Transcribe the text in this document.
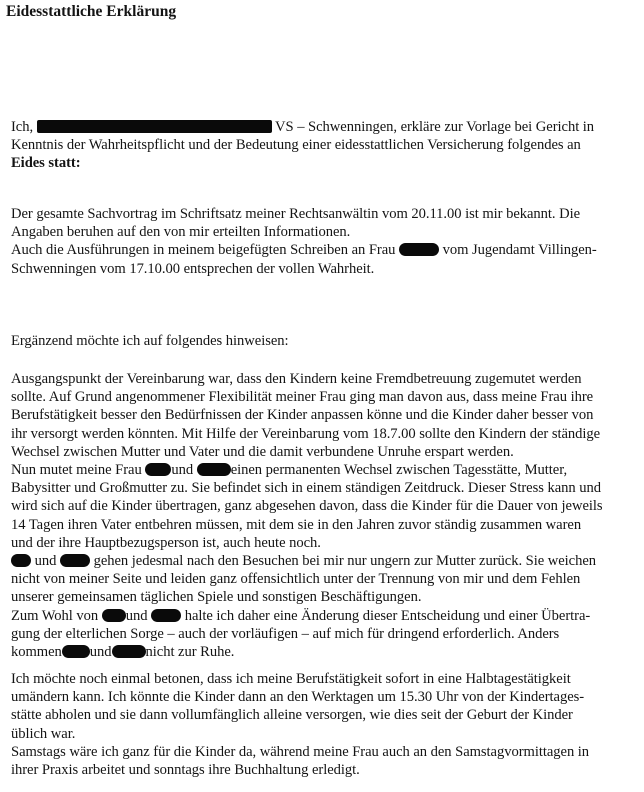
Eidesstattliche Erklärung
Ich,	VS – Schwenningen, erkläre zur Vorlage bei Gericht in
Kenntnis der Wahrheitspflicht und der Bedeutung einer eidesstattlichen Versicherung folgendes an
Eides statt:
Der gesamte Sachvortrag im Schriftsatz meiner Rechtsanwältin vom 20.11.00 ist mir bekannt. Die
Angaben beruhen auf den von mir erteilten Informationen.
Auch die Ausführungen in meinem beigefügten Schreiben an Frau	vom Jugendamt Villingen-
Schwenningen vom 17.10.00 entsprechen der vollen Wahrheit.
Ergänzend möchte ich auf folgendes hinweisen:
Ausgangspunkt der Vereinbarung war, dass den Kindern keine Fremdbetreuung zugemutet werden
sollte. Auf Grund angenommener Flexibilität meiner Frau ging man davon aus, dass meine Frau ihre
Berufstätigkeit besser den Bedürfnissen der Kinder anpassen könne und die Kinder daher besser von
ihr versorgt werden könnten. Mit Hilfe der Vereinbarung vom 18.7.00 sollte den Kindern der ständige
Wechsel zwischen Mutter und Vater und die damit verbundene Unruhe erspart werden.
Nun mutet meine Frau und	einen permanenten Wechsel zwischen Tagesstätte, Mutter,
Babysitter und Großmutter zu. Sie befindet sich in einem ständigen Zeitdruck. Dieser Stress kann und
wird sich auf die Kinder übertragen, ganz abgesehen davon, dass die Kinder für die Dauer von jeweils
14 Tagen ihren Vater entbehren müssen, mit dem sie in den Jahren zuvor ständig zusammen waren
und der ihre Hauptbezugsperson ist, auch heute noch.
und	gehen jedesmal nach den Besuchen bei mir nur ungern zur Mutter zurück. Sie weichen
nicht von meiner Seite und leiden ganz offensichtlich unter der Trennung von mir und dem Fehlen
unserer gemeinsamen täglichen Spiele und sonstigen Beschäftigungen.
Zum Wohl von und	halte ich daher eine Änderung dieser Entscheidung und einer Übertra-
gung der elterlichen Sorge – auch der vorläufigen – auf mich für dringend erforderlich. Anders
kommen und nicht zur Ruhe.
Ich möchte noch einmal betonen, dass ich meine Berufstätigkeit sofort in eine Halbtagestätigkeit
umändern kann. Ich könnte die Kinder dann an den Werktagen um 15.30 Uhr von der Kindertages-
stätte abholen und sie dann vollumfänglich alleine versorgen, wie dies seit der Geburt der Kinder
üblich war.
Samstags wäre ich ganz für die Kinder da, während meine Frau auch an den Samstagvormittagen in
ihrer Praxis arbeitet und sonntags ihre Buchhaltung erledigt.
